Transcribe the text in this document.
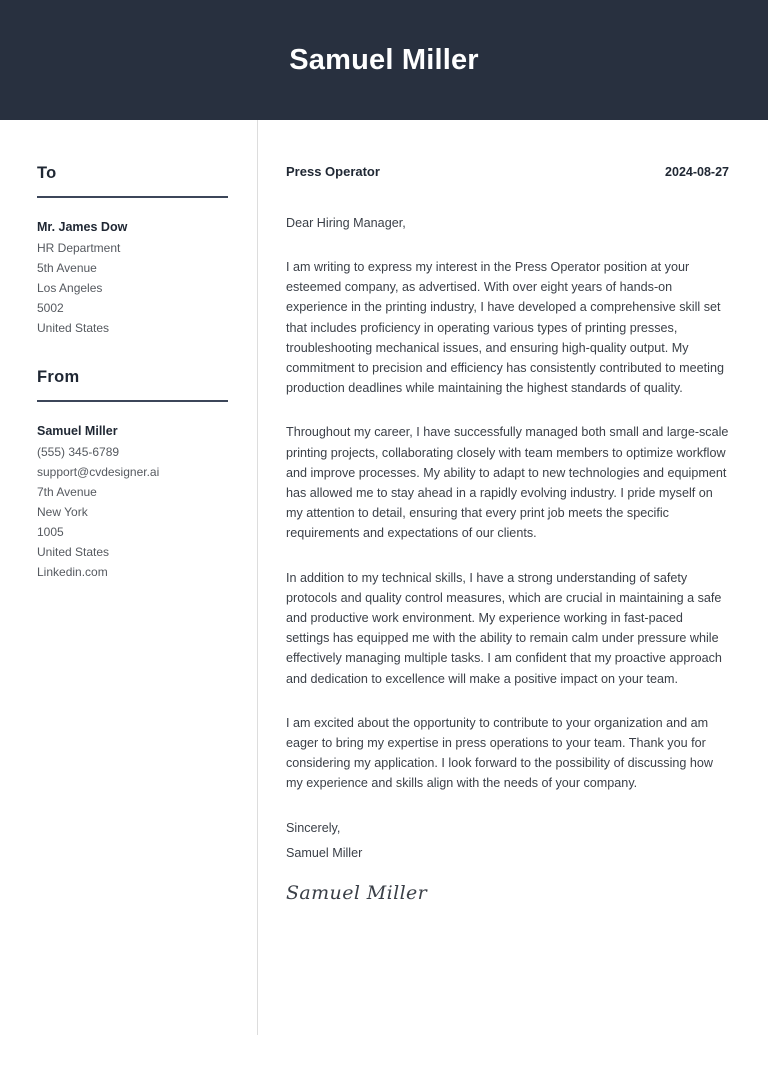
Samuel Miller
To
Mr. James Dow
HR Department
5th Avenue
Los Angeles
5002
United States
From
Samuel Miller
(555) 345-6789
support@cvdesigner.ai
7th Avenue
New York
1005
United States
Linkedin.com
Press Operator	2024-08-27
Dear Hiring Manager,

I am writing to express my interest in the Press Operator position at your esteemed company, as advertised. With over eight years of hands-on experience in the printing industry, I have developed a comprehensive skill set that includes proficiency in operating various types of printing presses, troubleshooting mechanical issues, and ensuring high-quality output. My commitment to precision and efficiency has consistently contributed to meeting production deadlines while maintaining the highest standards of quality.

Throughout my career, I have successfully managed both small and large-scale printing projects, collaborating closely with team members to optimize workflow and improve processes. My ability to adapt to new technologies and equipment has allowed me to stay ahead in a rapidly evolving industry. I pride myself on my attention to detail, ensuring that every print job meets the specific requirements and expectations of our clients.

In addition to my technical skills, I have a strong understanding of safety protocols and quality control measures, which are crucial in maintaining a safe and productive work environment. My experience working in fast-paced settings has equipped me with the ability to remain calm under pressure while effectively managing multiple tasks. I am confident that my proactive approach and dedication to excellence will make a positive impact on your team.

I am excited about the opportunity to contribute to your organization and am eager to bring my expertise in press operations to your team. Thank you for considering my application. I look forward to the possibility of discussing how my experience and skills align with the needs of your company.

Sincerely,
Samuel Miller
Samuel Miller
